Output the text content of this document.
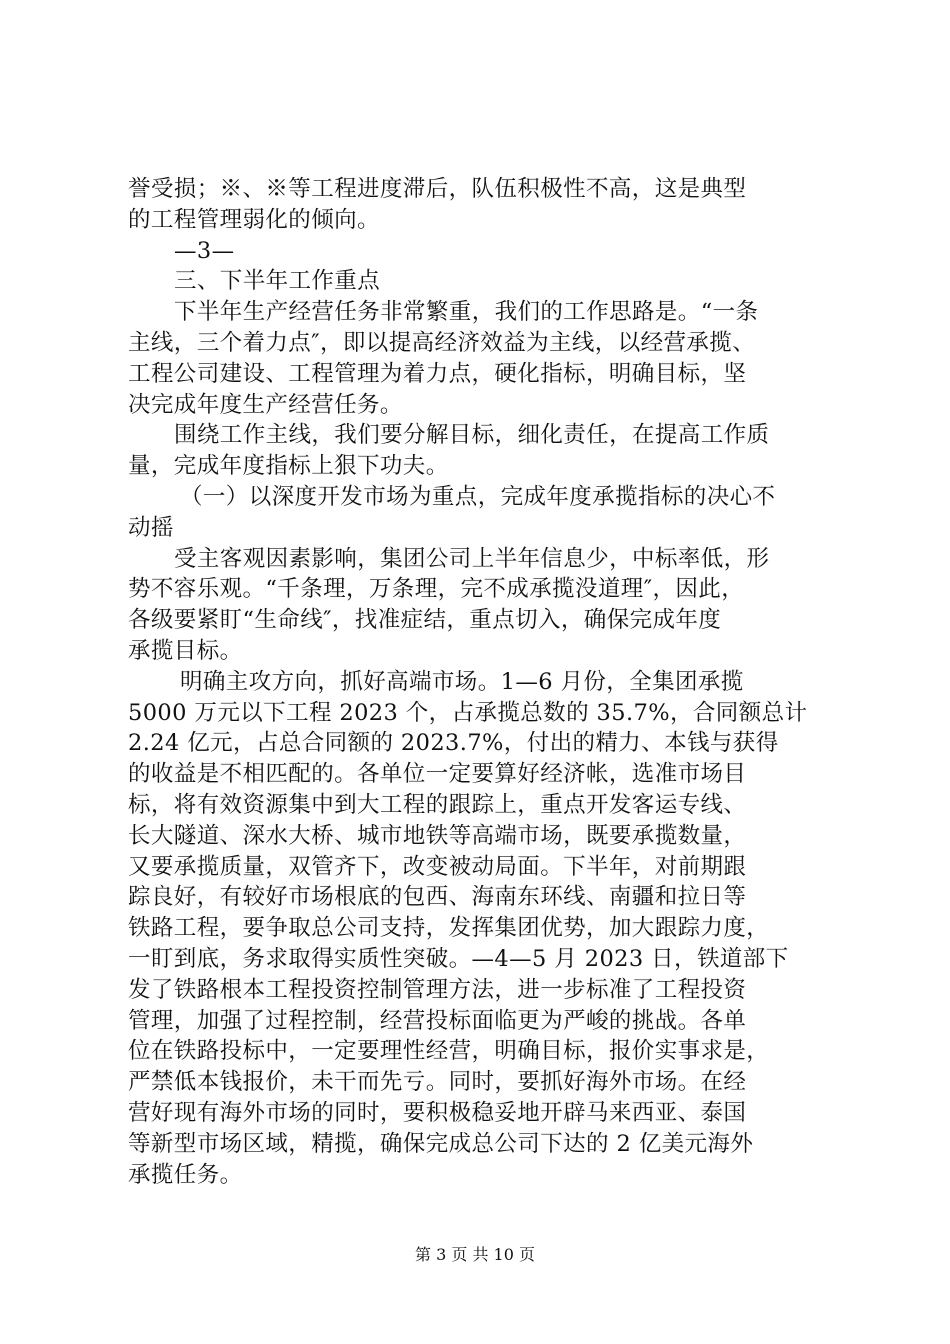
誉受损；※、※等工程进度滞后，队伍积极性不高，这是典型
的工程管理弱化的倾向。
—3—
三、下半年工作重点
下半年生产经营任务非常繁重，我们的工作思路是。“一条
主线，三个着力点″，即以提高经济效益为主线，以经营承揽、
工程公司建设、工程管理为着力点，硬化指标，明确目标，坚
决完成年度生产经营任务。
围绕工作主线，我们要分解目标，细化责任，在提高工作质
量，完成年度指标上狠下功夫。
（一）以深度开发市场为重点，完成年度承揽指标的决心不
动摇
受主客观因素影响，集团公司上半年信息少，中标率低，形
势不容乐观。“千条理，万条理，完不成承揽没道理″，因此，
各级要紧盯“生命线″，找准症结，重点切入，确保完成年度
承揽目标。
明确主攻方向，抓好高端市场。1—6 月份，全集团承揽
5000 万元以下工程 2023 个，占承揽总数的 35.7%，合同额总计
2.24 亿元，占总合同额的 2023.7%，付出的精力、本钱与获得
的收益是不相匹配的。各单位一定要算好经济帐，选准市场目
标，将有效资源集中到大工程的跟踪上，重点开发客运专线、
长大隧道、深水大桥、城市地铁等高端市场，既要承揽数量，
又要承揽质量，双管齐下，改变被动局面。下半年，对前期跟
踪良好，有较好市场根底的包西、海南东环线、南疆和拉日等
铁路工程，要争取总公司支持，发挥集团优势，加大跟踪力度，
一盯到底，务求取得实质性突破。—4—5 月 2023 日，铁道部下
发了铁路根本工程投资控制管理方法，进一步标准了工程投资
管理，加强了过程控制，经营投标面临更为严峻的挑战。各单
位在铁路投标中，一定要理性经营，明确目标，报价实事求是，
严禁低本钱报价，未干而先亏。同时，要抓好海外市场。在经
营好现有海外市场的同时，要积极稳妥地开辟马来西亚、泰国
等新型市场区域，精揽，确保完成总公司下达的 2 亿美元海外
承揽任务。
第 3 页 共 10 页
